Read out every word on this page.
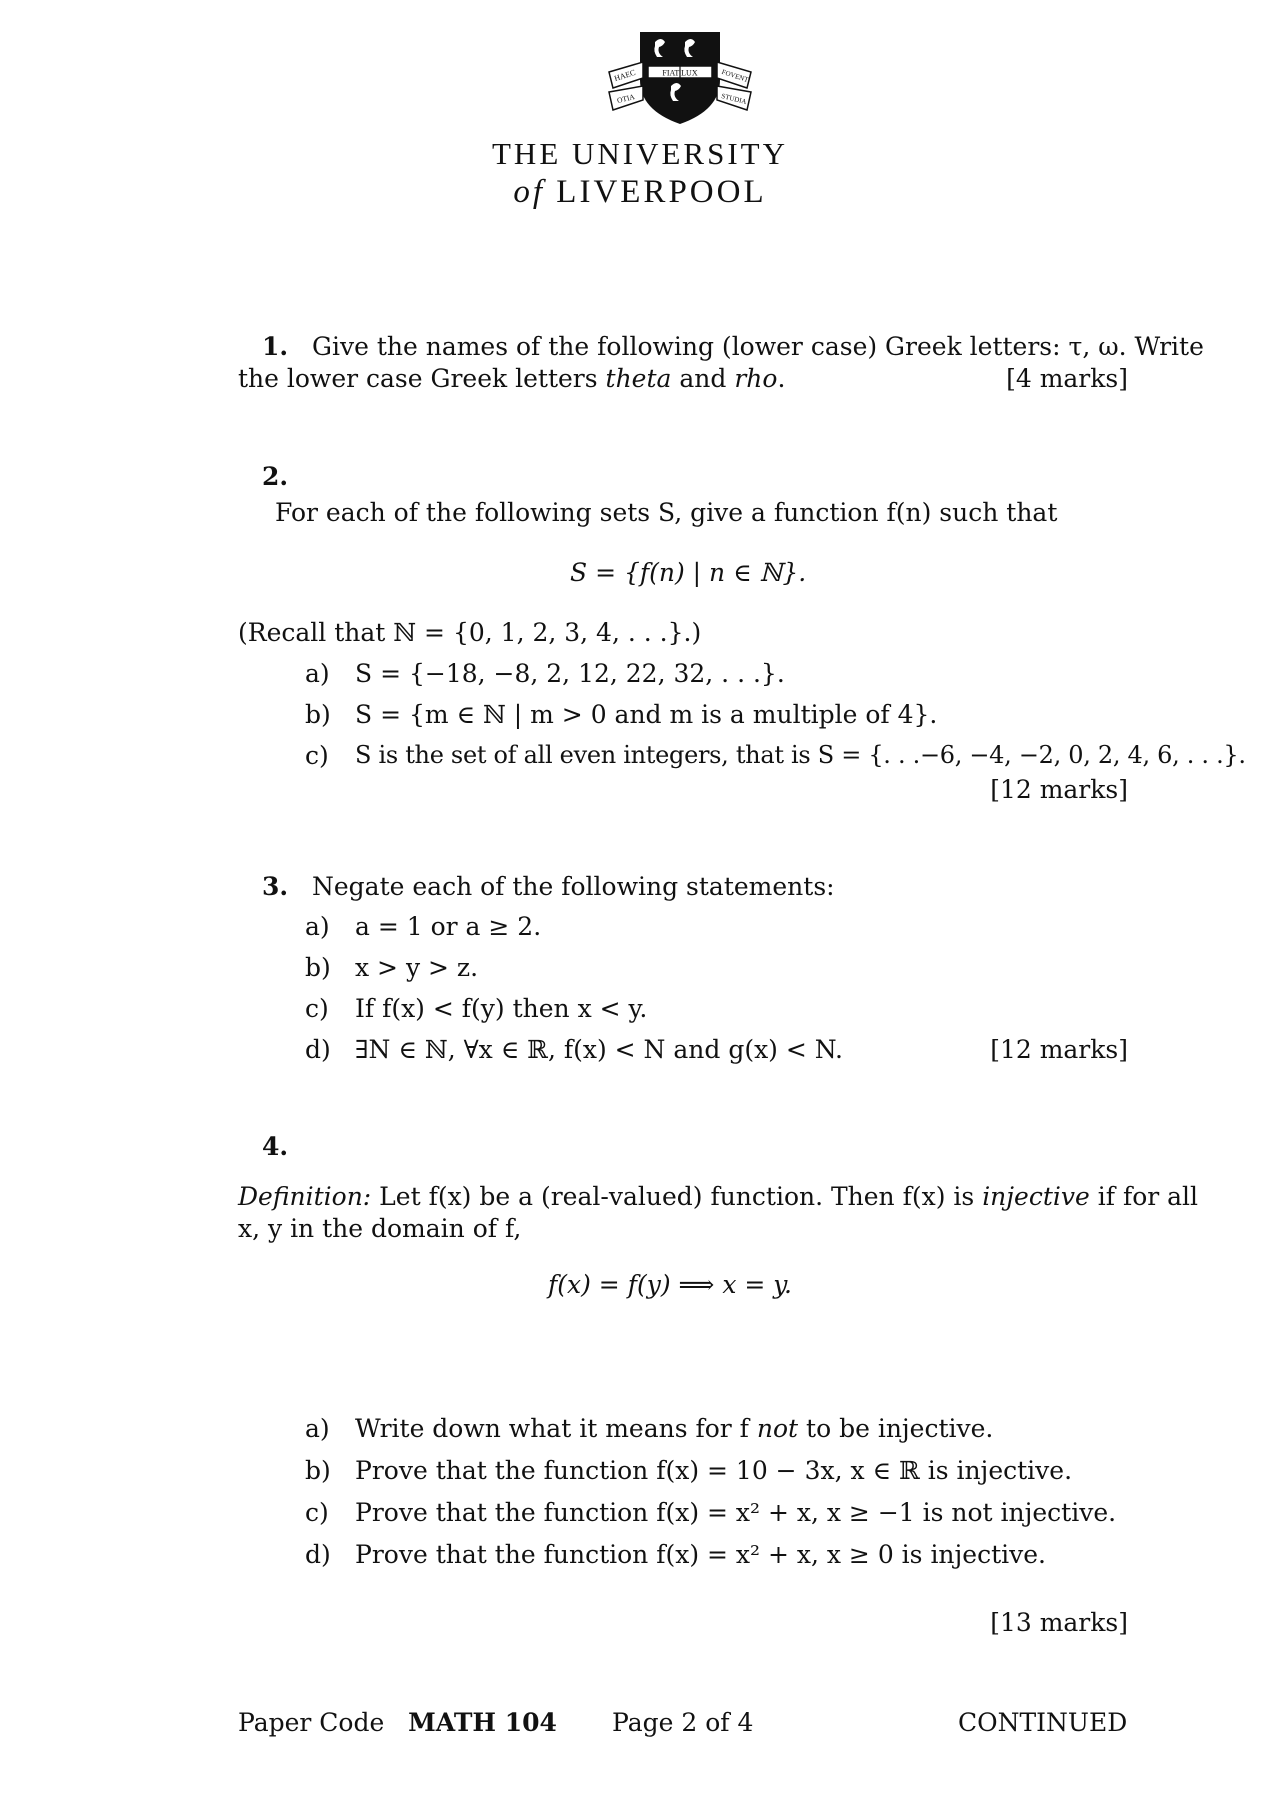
FIAT LUX
HAEC	FOVENT
OTIA	STUDIA
THE UNIVERSITY
of LIVERPOOL
1. Give the names of the following (lower case) Greek letters: τ, ω. Write
the lower case Greek letters theta and rho.	[4 marks]
2.
For each of the following sets S, give a function f(n) such that
S = {f(n) | n ∈ ℕ}.
(Recall that ℕ = {0, 1, 2, 3, 4, . . .}.)
a) S = {−18, −8, 2, 12, 22, 32, . . .}.
b) S = {m ∈ ℕ | m > 0 and m is a multiple of 4}.
c) S is the set of all even integers, that is S = {. . .−6, −4, −2, 0, 2, 4, 6, . . .}.
[12 marks]
3. Negate each of the following statements:
a) a = 1 or a ≥ 2.
b) x > y > z.
c) If f(x) < f(y) then x < y.
d) ∃N ∈ ℕ, ∀x ∈ ℝ, f(x) < N and g(x) < N.	[12 marks]
4.
Definition: Let f(x) be a (real-valued) function. Then f(x) is injective if for all
x, y in the domain of f,
f(x) = f(y) ⟹ x = y.
a) Write down what it means for f not to be injective.
b) Prove that the function f(x) = 10 − 3x, x ∈ ℝ is injective.
c) Prove that the function f(x) = x² + x, x ≥ −1 is not injective.
d) Prove that the function f(x) = x² + x, x ≥ 0 is injective.
[13 marks]
Paper Code MATH 104 Page 2 of 4	CONTINUED
